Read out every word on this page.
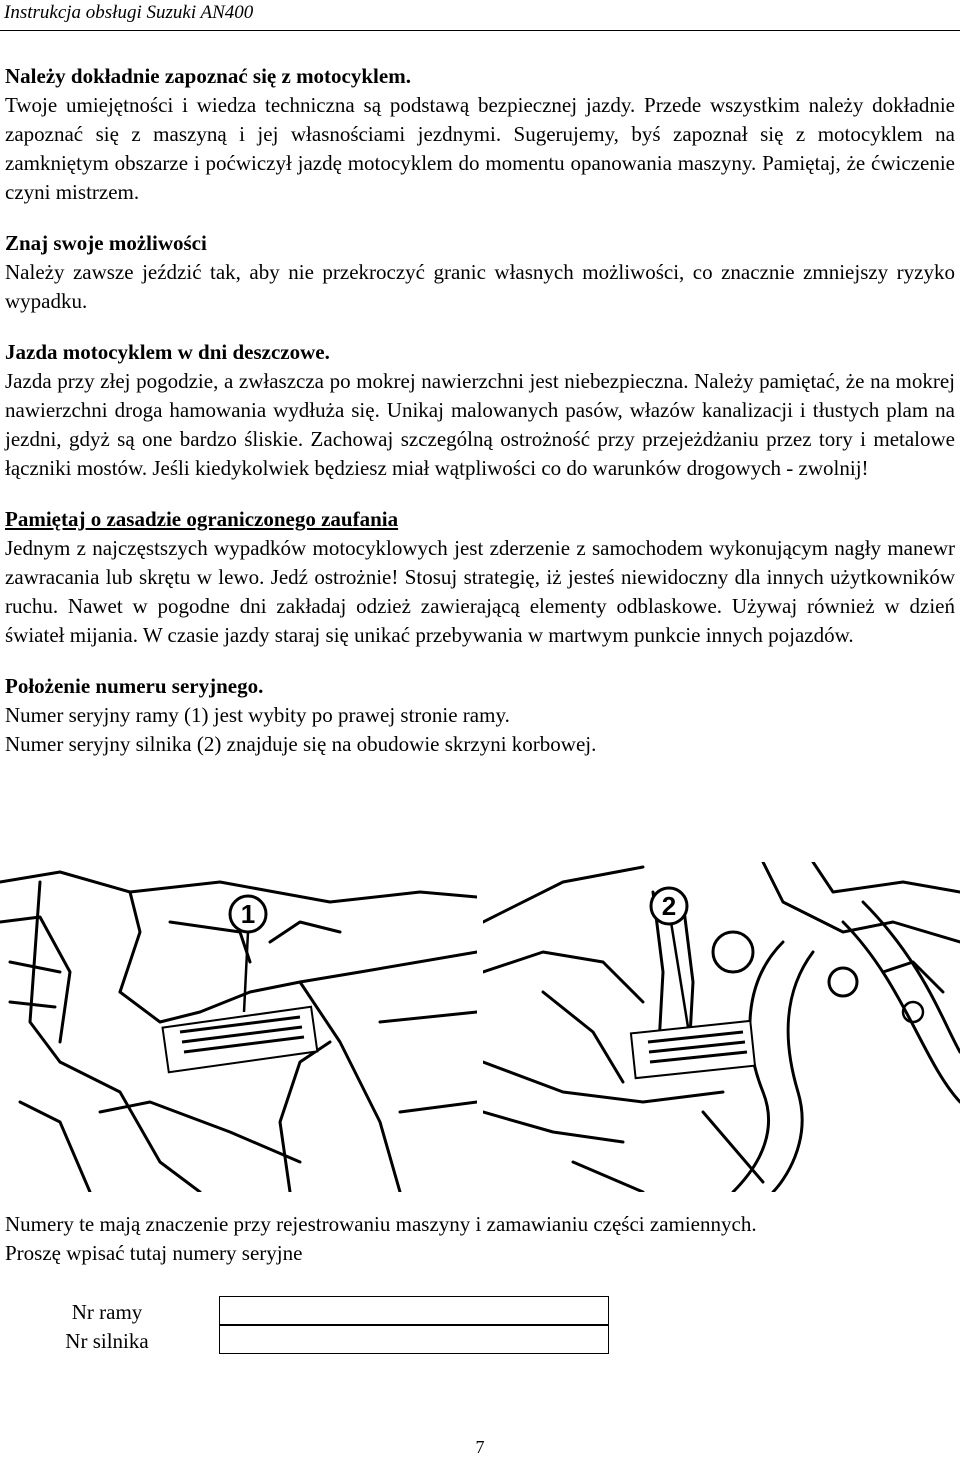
Instrukcja obsługi Suzuki AN400

Należy dokładnie zapoznać się z motocyklem.

Twoje umiejętności i wiedza techniczna są podstawą bezpiecznej jazdy. Przede wszystkim należy dokładnie zapoznać się z maszyną i jej własnościami jezdnymi. Sugerujemy, byś zapoznał się z motocyklem na zamkniętym obszarze i poćwiczył jazdę motocyklem do momentu opanowania maszyny. Pamiętaj, że ćwiczenie czyni mistrzem.

Znaj swoje możliwości

Należy zawsze jeździć tak, aby nie przekroczyć granic własnych możliwości, co znacznie zmniejszy ryzyko wypadku.

Jazda motocyklem w dni deszczowe.

Jazda przy złej pogodzie, a zwłaszcza po mokrej nawierzchni jest niebezpieczna. Należy pamiętać, że na mokrej nawierzchni droga hamowania wydłuża się. Unikaj malowanych pasów, włazów kanalizacji i tłustych plam na jezdni, gdyż są one bardzo śliskie. Zachowaj szczególną ostrożność przy przejeżdżaniu przez tory i metalowe łączniki mostów. Jeśli kiedykolwiek będziesz miał wątpliwości co do warunków drogowych - zwolnij!

Pamiętaj o zasadzie ograniczonego zaufania

Jednym z najczęstszych wypadków motocyklowych jest zderzenie z samochodem wykonującym nagły manewr zawracania lub skrętu w lewo. Jedź ostrożnie! Stosuj strategię, iż jesteś niewidoczny dla innych użytkowników ruchu. Nawet w pogodne dni zakładaj odzież zawierającą elementy odblaskowe. Używaj również w dzień świateł mijania. W czasie jazdy staraj się unikać przebywania w martwym punkcie innych pojazdów.

Położenie numeru seryjnego.

Numer seryjny ramy (1) jest wybity po prawej stronie ramy.

Numer seryjny silnika (2) znajduje się na obudowie skrzyni korbowej.

1	2

Numery te mają znaczenie przy rejestrowaniu maszyny i zamawianiu części zamiennych.

Proszę wpisać tutaj numery seryjne

Nr ramy
Nr silnika
7
